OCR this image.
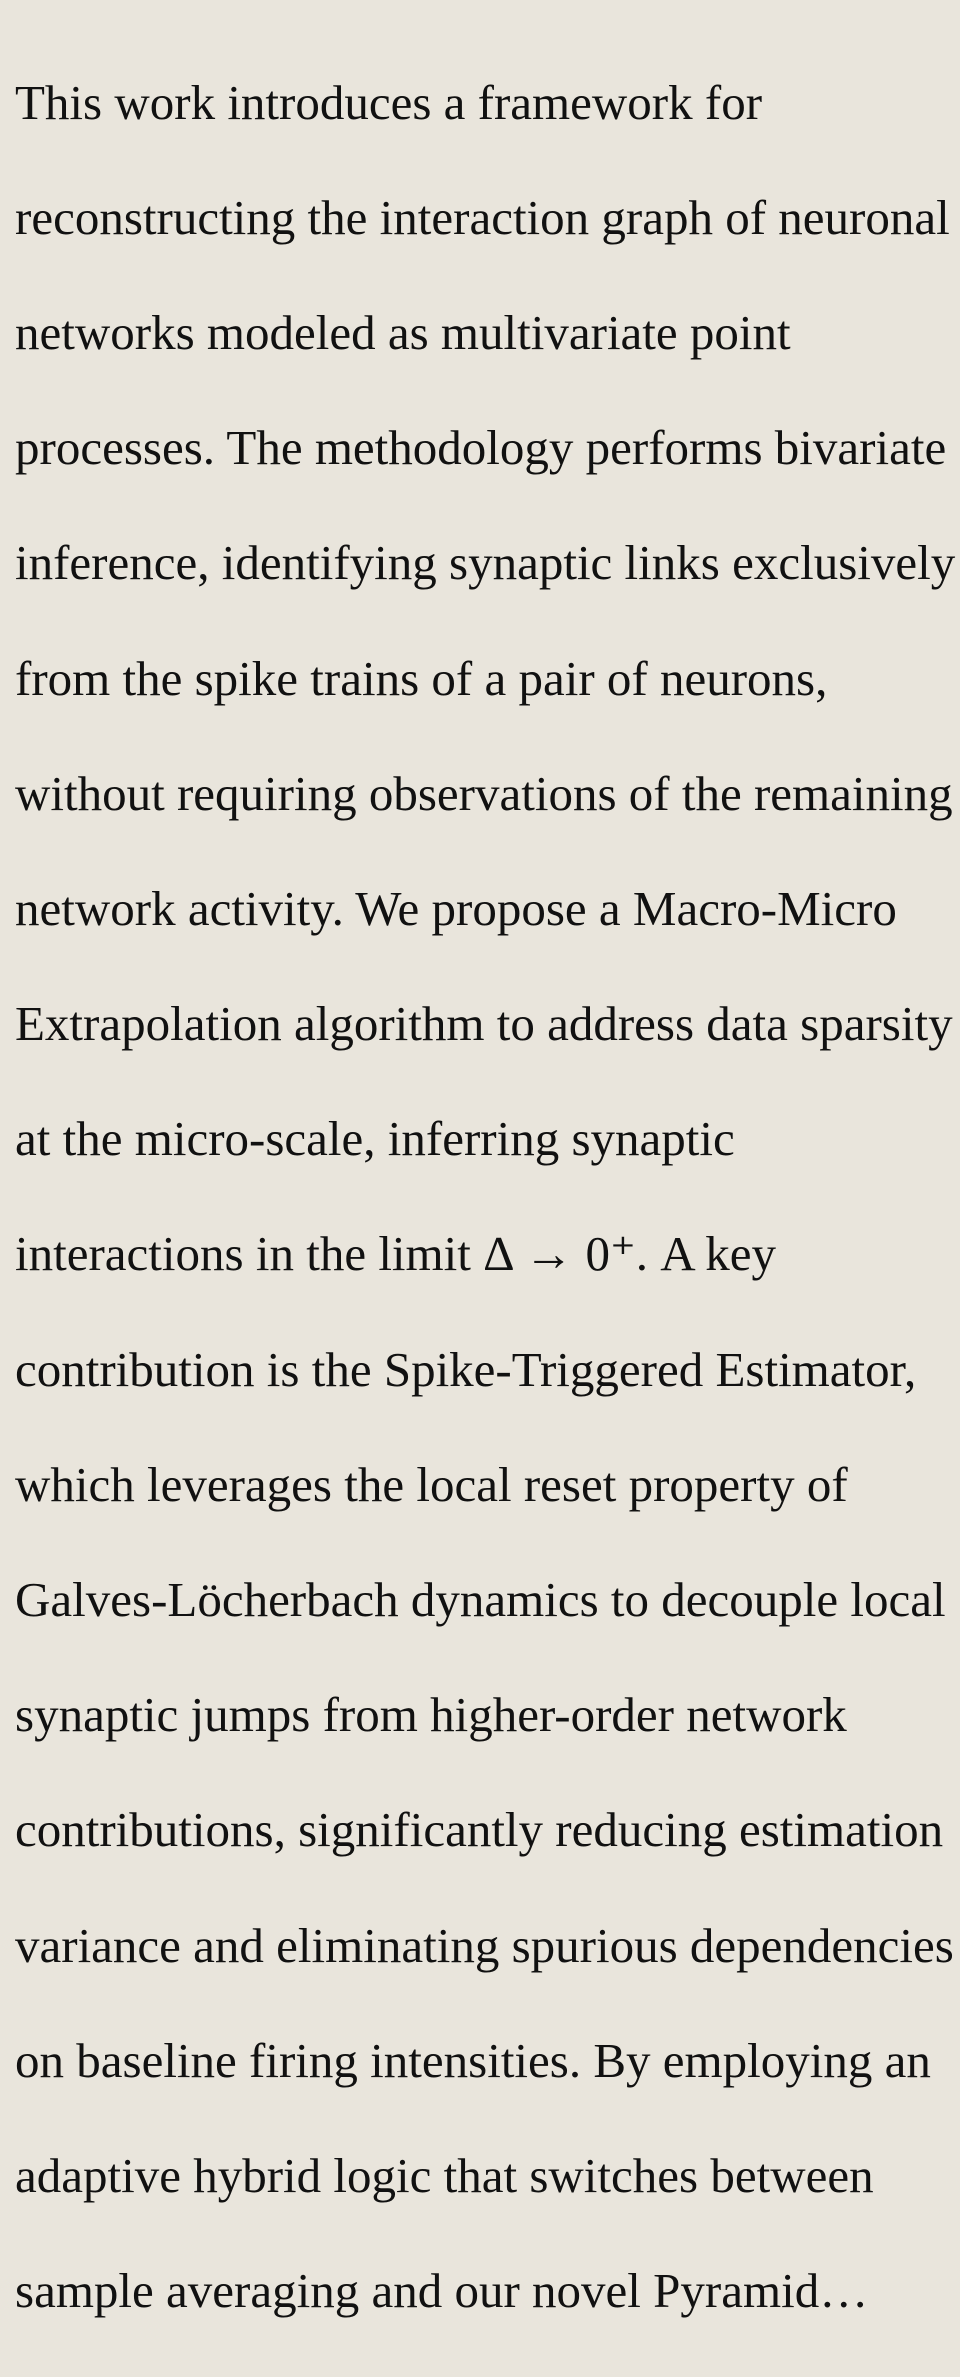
This work introduces a framework for

reconstructing the interaction graph of neuronal

networks modeled as multivariate point

processes. The methodology performs bivariate

inference, identifying synaptic links exclusively

from the spike trains of a pair of neurons,

without requiring observations of the remaining

network activity. We propose a Macro-Micro

Extrapolation algorithm to address data sparsity

at the micro-scale, inferring synaptic

interactions in the limit Δ → 0⁺. A key

contribution is the Spike-Triggered Estimator,

which leverages the local reset property of

Galves-Löcherbach dynamics to decouple local

synaptic jumps from higher-order network

contributions, significantly reducing estimation

variance and eliminating spurious dependencies

on baseline firing intensities. By employing an

adaptive hybrid logic that switches between

sample averaging and our novel Pyramid…
